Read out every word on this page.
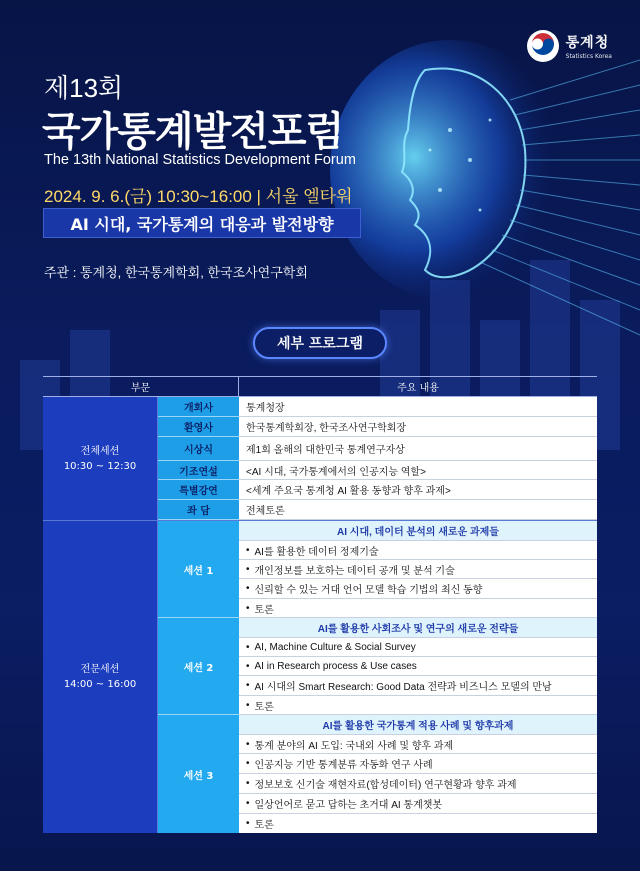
통계청
Statistics Korea
제13회
국가통계발전포럼
The 13th National Statistics Development Forum
2024. 9. 6.(금) 10:30~16:00 | 서울 엘타워
AI 시대, 국가통계의 대응과 발전방향
주관 : 통계청, 한국통계학회, 한국조사연구학회
세부 프로그램
부문	주요 내용
전체세션
10:30 ~ 12:30
개회사
환영사
시상식
기조연설
특별강연
좌 담
통계청장
한국통계학회장, 한국조사연구학회장
제1회 올해의 대한민국 통계연구자상
<AI 시대, 국가통계에서의 인공지능 역할>
<세계 주요국 통계청 AI 활용 동향과 향후 과제>
전체토론
전문세션
14:00 ~ 16:00
세션 1
세션 2
세션 3
AI 시대, 데이터 분석의 새로운 과제들
• AI를 활용한 데이터 정제기술
• 개인정보를 보호하는 데이터 공개 및 분석 기술
• 신뢰할 수 있는 거대 언어 모델 학습 기법의 최신 동향
• 토론
AI를 활용한 사회조사 및 연구의 새로운 전략들
• AI, Machine Culture & Social Survey
• AI in Research process & Use cases
• AI 시대의 Smart Research: Good Data 전략과 비즈니스 모델의 만남
• 토론
AI를 활용한 국가통계 적용 사례 및 향후과제
• 통계 분야의 AI 도입: 국내외 사례 및 향후 과제
• 인공지능 기반 통계분류 자동화 연구 사례
• 정보보호 신기술 재현자료(합성데이터) 연구현황과 향후 과제
• 일상언어로 묻고 답하는 초거대 AI 통계챗봇
• 토론
